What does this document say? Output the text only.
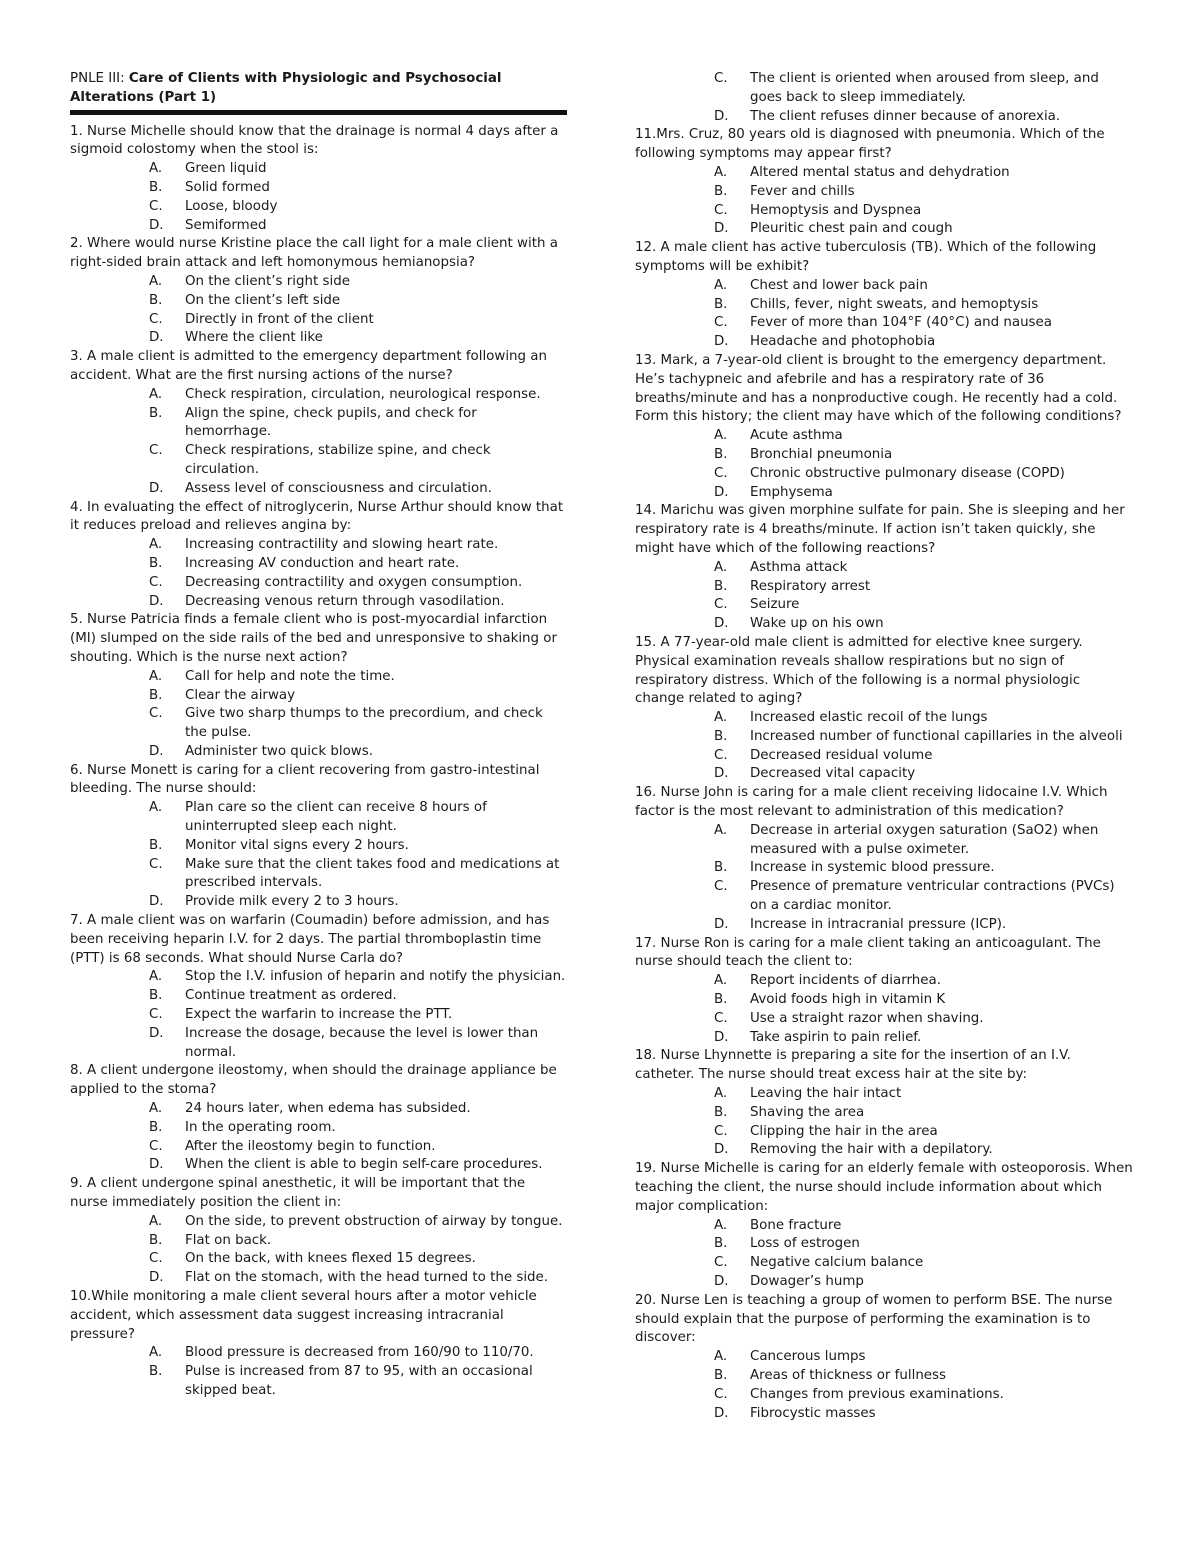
PNLE III: Care of Clients with Physiologic and Psychosocial
Alterations (Part 1)

1. Nurse Michelle should know that the drainage is normal 4 days after a sigmoid colostomy when the stool is:

A.	Green liquid
B.	Solid formed
C.	Loose, bloody
D.	Semiformed

2. Where would nurse Kristine place the call light for a male client with a right-sided brain attack and left homonymous hemianopsia?

A.	On the client’s right side
B.	On the client’s left side
C.	Directly in front of the client
D.	Where the client like

3. A male client is admitted to the emergency department following an accident. What are the first nursing actions of the nurse?

A.	Check respiration, circulation, neurological response.
B.	Align the spine, check pupils, and check for hemorrhage.
C.	Check respirations, stabilize spine, and check circulation.
D.	Assess level of consciousness and circulation.

4. In evaluating the effect of nitroglycerin, Nurse Arthur should know that it reduces preload and relieves angina by:

A.	Increasing contractility and slowing heart rate.
B.	Increasing AV conduction and heart rate.
C.	Decreasing contractility and oxygen consumption.
D.	Decreasing venous return through vasodilation.

5. Nurse Patricia finds a female client who is post-myocardial infarction (MI) slumped on the side rails of the bed and unresponsive to shaking or shouting. Which is the nurse next action?

A.	Call for help and note the time.
B.	Clear the airway
C.	Give two sharp thumps to the precordium, and check the pulse.
D.	Administer two quick blows.

6. Nurse Monett is caring for a client recovering from gastro-intestinal bleeding. The nurse should:

A.	Plan care so the client can receive 8 hours of uninterrupted sleep each night.
B.	Monitor vital signs every 2 hours.
C.	Make sure that the client takes food and medications at prescribed intervals.
D.	Provide milk every 2 to 3 hours.

7. A male client was on warfarin (Coumadin) before admission, and has been receiving heparin I.V. for 2 days. The partial thromboplastin time (PTT) is 68 seconds. What should Nurse Carla do?

A.	Stop the I.V. infusion of heparin and notify the physician.
B.	Continue treatment as ordered.
C.	Expect the warfarin to increase the PTT.
D.	Increase the dosage, because the level is lower than normal.

8. A client undergone ileostomy, when should the drainage appliance be applied to the stoma?

A.	24 hours later, when edema has subsided.
B.	In the operating room.
C.	After the ileostomy begin to function.
D.	When the client is able to begin self-care procedures.

9. A client undergone spinal anesthetic, it will be important that the nurse immediately position the client in:

A.	On the side, to prevent obstruction of airway by tongue.
B.	Flat on back.
C.	On the back, with knees flexed 15 degrees.
D.	Flat on the stomach, with the head turned to the side.

10.While monitoring a male client several hours after a motor vehicle accident, which assessment data suggest increasing intracranial pressure?

A.	Blood pressure is decreased from 160/90 to 110/70.
B.	Pulse is increased from 87 to 95, with an occasional skipped beat.
C.	The client is oriented when aroused from sleep, and goes back to sleep immediately.
D.	The client refuses dinner because of anorexia.

11.Mrs. Cruz, 80 years old is diagnosed with pneumonia. Which of the following symptoms may appear first?

A.	Altered mental status and dehydration
B.	Fever and chills
C.	Hemoptysis and Dyspnea
D.	Pleuritic chest pain and cough

12. A male client has active tuberculosis (TB). Which of the following symptoms will be exhibit?

A.	Chest and lower back pain
B.	Chills, fever, night sweats, and hemoptysis
C.	Fever of more than 104°F (40°C) and nausea
D.	Headache and photophobia

13. Mark, a 7-year-old client is brought to the emergency department. He’s tachypneic and afebrile and has a respiratory rate of 36 breaths/minute and has a nonproductive cough. He recently had a cold. Form this history; the client may have which of the following conditions?

A.	Acute asthma
B.	Bronchial pneumonia
C.	Chronic obstructive pulmonary disease (COPD)
D.	Emphysema

14. Marichu was given morphine sulfate for pain. She is sleeping and her respiratory rate is 4 breaths/minute. If action isn’t taken quickly, she might have which of the following reactions?

A.	Asthma attack
B.	Respiratory arrest
C.	Seizure
D.	Wake up on his own

15. A 77-year-old male client is admitted for elective knee surgery. Physical examination reveals shallow respirations but no sign of respiratory distress. Which of the following is a normal physiologic change related to aging?

A.	Increased elastic recoil of the lungs
B.	Increased number of functional capillaries in the alveoli
C.	Decreased residual volume
D.	Decreased vital capacity

16. Nurse John is caring for a male client receiving lidocaine I.V. Which factor is the most relevant to administration of this medication?

A.	Decrease in arterial oxygen saturation (SaO2) when measured with a pulse oximeter.
B.	Increase in systemic blood pressure.
C.	Presence of premature ventricular contractions (PVCs) on a cardiac monitor.
D.	Increase in intracranial pressure (ICP).

17. Nurse Ron is caring for a male client taking an anticoagulant. The nurse should teach the client to:

A.	Report incidents of diarrhea.
B.	Avoid foods high in vitamin K
C.	Use a straight razor when shaving.
D.	Take aspirin to pain relief.

18. Nurse Lhynnette is preparing a site for the insertion of an I.V. catheter. The nurse should treat excess hair at the site by:

A.	Leaving the hair intact
B.	Shaving the area
C.	Clipping the hair in the area
D.	Removing the hair with a depilatory.

19. Nurse Michelle is caring for an elderly female with osteoporosis. When teaching the client, the nurse should include information about which major complication:

A.	Bone fracture
B.	Loss of estrogen
C.	Negative calcium balance
D.	Dowager’s hump

20. Nurse Len is teaching a group of women to perform BSE. The nurse should explain that the purpose of performing the examination is to discover:

A.	Cancerous lumps
B.	Areas of thickness or fullness
C.	Changes from previous examinations.
D.	Fibrocystic masses
